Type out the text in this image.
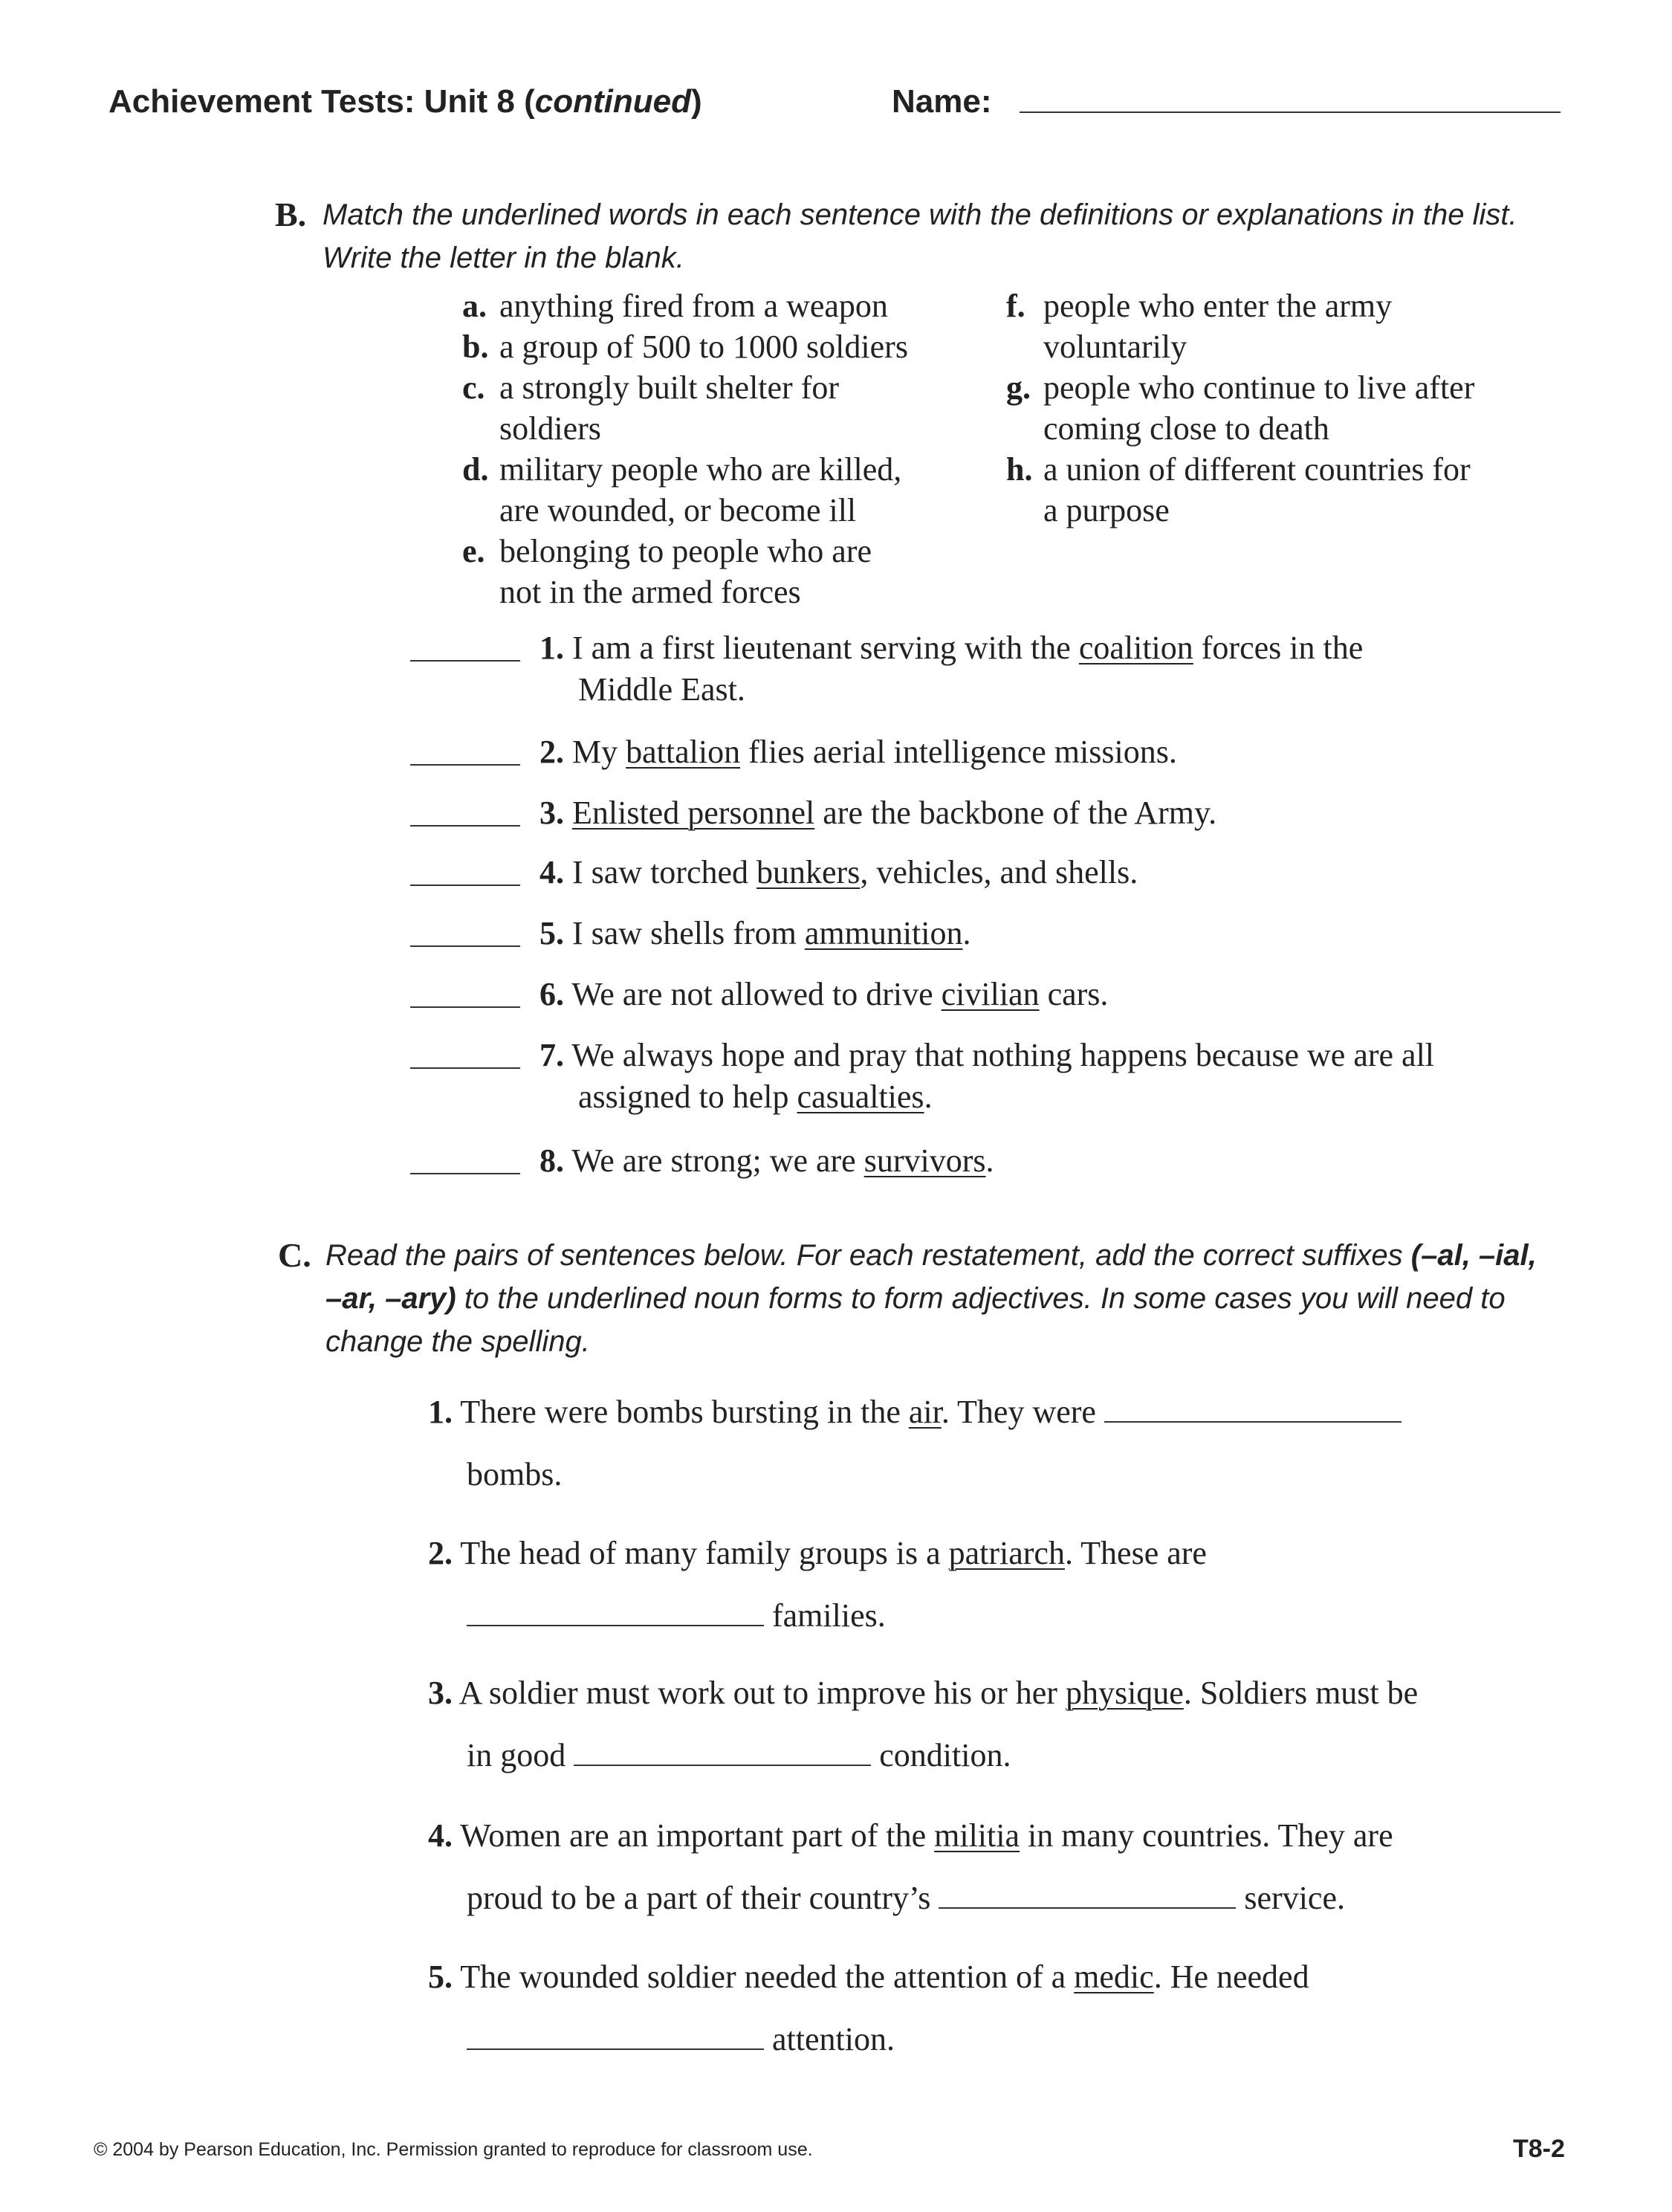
Achievement Tests: Unit 8 (continued)	Name:
B. Match the underlined words in each sentence with the definitions or explanations in the list.
Write the letter in the blank.
a. anything fired from a weapon
b. a group of 500 to 1000 soldiers
c. a strongly built shelter for
soldiers
d. military people who are killed,
are wounded, or become ill
e. belonging to people who are
not in the armed forces
f. people who enter the army
voluntarily
g. people who continue to live after
coming close to death
h. a union of different countries for
a purpose
1. I am a first lieutenant serving with the coalition forces in the
Middle East.
2. My battalion flies aerial intelligence missions.
3. Enlisted personnel are the backbone of the Army.
4. I saw torched bunkers, vehicles, and shells.
5. I saw shells from ammunition.
6. We are not allowed to drive civilian cars.
7. We always hope and pray that nothing happens because we are all
assigned to help casualties.
8. We are strong; we are survivors.
C. Read the pairs of sentences below. For each restatement, add the correct suffixes (–al, –ial,
–ar, –ary) to the underlined noun forms to form adjectives. In some cases you will need to
change the spelling.
1. There were bombs bursting in the air. They were
bombs.
2. The head of many family groups is a patriarch. These are
families.
3. A soldier must work out to improve his or her physique. Soldiers must be
in good	condition.
4. Women are an important part of the militia in many countries. They are
proud to be a part of their country’s	service.
5. The wounded soldier needed the attention of a medic. He needed
attention.
© 2004 by Pearson Education, Inc. Permission granted to reproduce for classroom use.	T8-2
